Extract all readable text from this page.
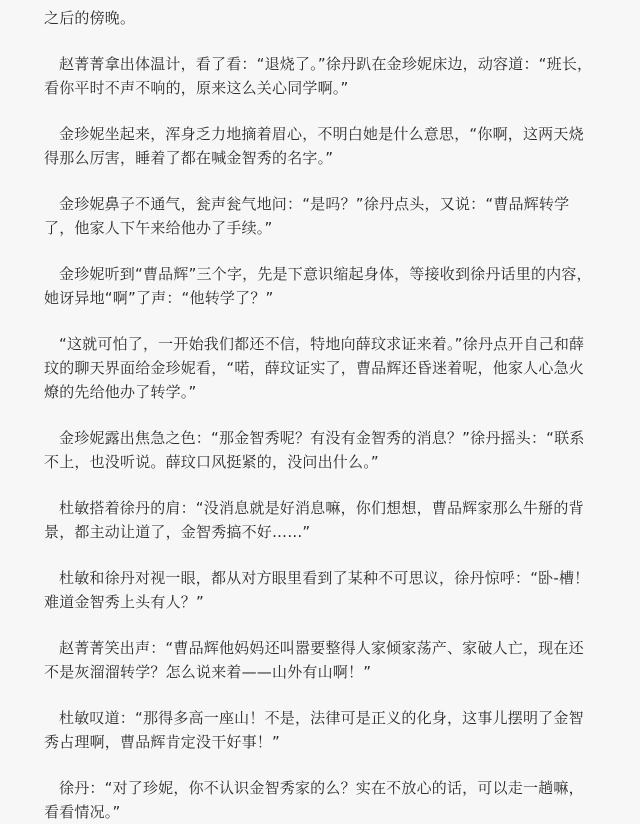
之后的傍晚。

赵菁菁拿出体温计，看了看：“退烧了。”徐丹趴在金珍妮床边，动容道：“班长，看你平时不声不响的，原来这么关心同学啊。”

金珍妮坐起来，浑身乏力地摘着眉心，不明白她是什么意思，“你啊，这两天烧得那么厉害，睡着了都在喊金智秀的名字。”

金珍妮鼻子不通气，瓮声瓮气地问：“是吗？”徐丹点头，又说：“曹品辉转学了，他家人下午来给他办了手续。”

金珍妮听到“曹品辉”三个字，先是下意识缩起身体，等接收到徐丹话里的内容，她讶异地“啊”了声：“他转学了？”

“这就可怕了，一开始我们都还不信，特地向薛玟求证来着。”徐丹点开自己和薛玟的聊天界面给金珍妮看，“喏，薛玟证实了，曹品辉还昏迷着呢，他家人心急火燎的先给他办了转学。”

金珍妮露出焦急之色：“那金智秀呢？有没有金智秀的消息？”徐丹摇头：“联系不上，也没听说。薛玟口风挺紧的，没问出什么。”

杜敏搭着徐丹的肩：“没消息就是好消息嘛，你们想想，曹品辉家那么牛掰的背景，都主动让道了，金智秀搞不好……”

杜敏和徐丹对视一眼，都从对方眼里看到了某种不可思议，徐丹惊呼：“卧-槽！难道金智秀上头有人？”

赵菁菁笑出声：“曹品辉他妈妈还叫嚣要整得人家倾家荡产、家破人亡，现在还不是灰溜溜转学？怎么说来着——山外有山啊！”

杜敏叹道：“那得多高一座山！不是，法律可是正义的化身，这事儿摆明了金智秀占理啊，曹品辉肯定没干好事！”

徐丹：“对了珍妮，你不认识金智秀家的么？实在不放心的话，可以走一趟嘛，看看情况。”
